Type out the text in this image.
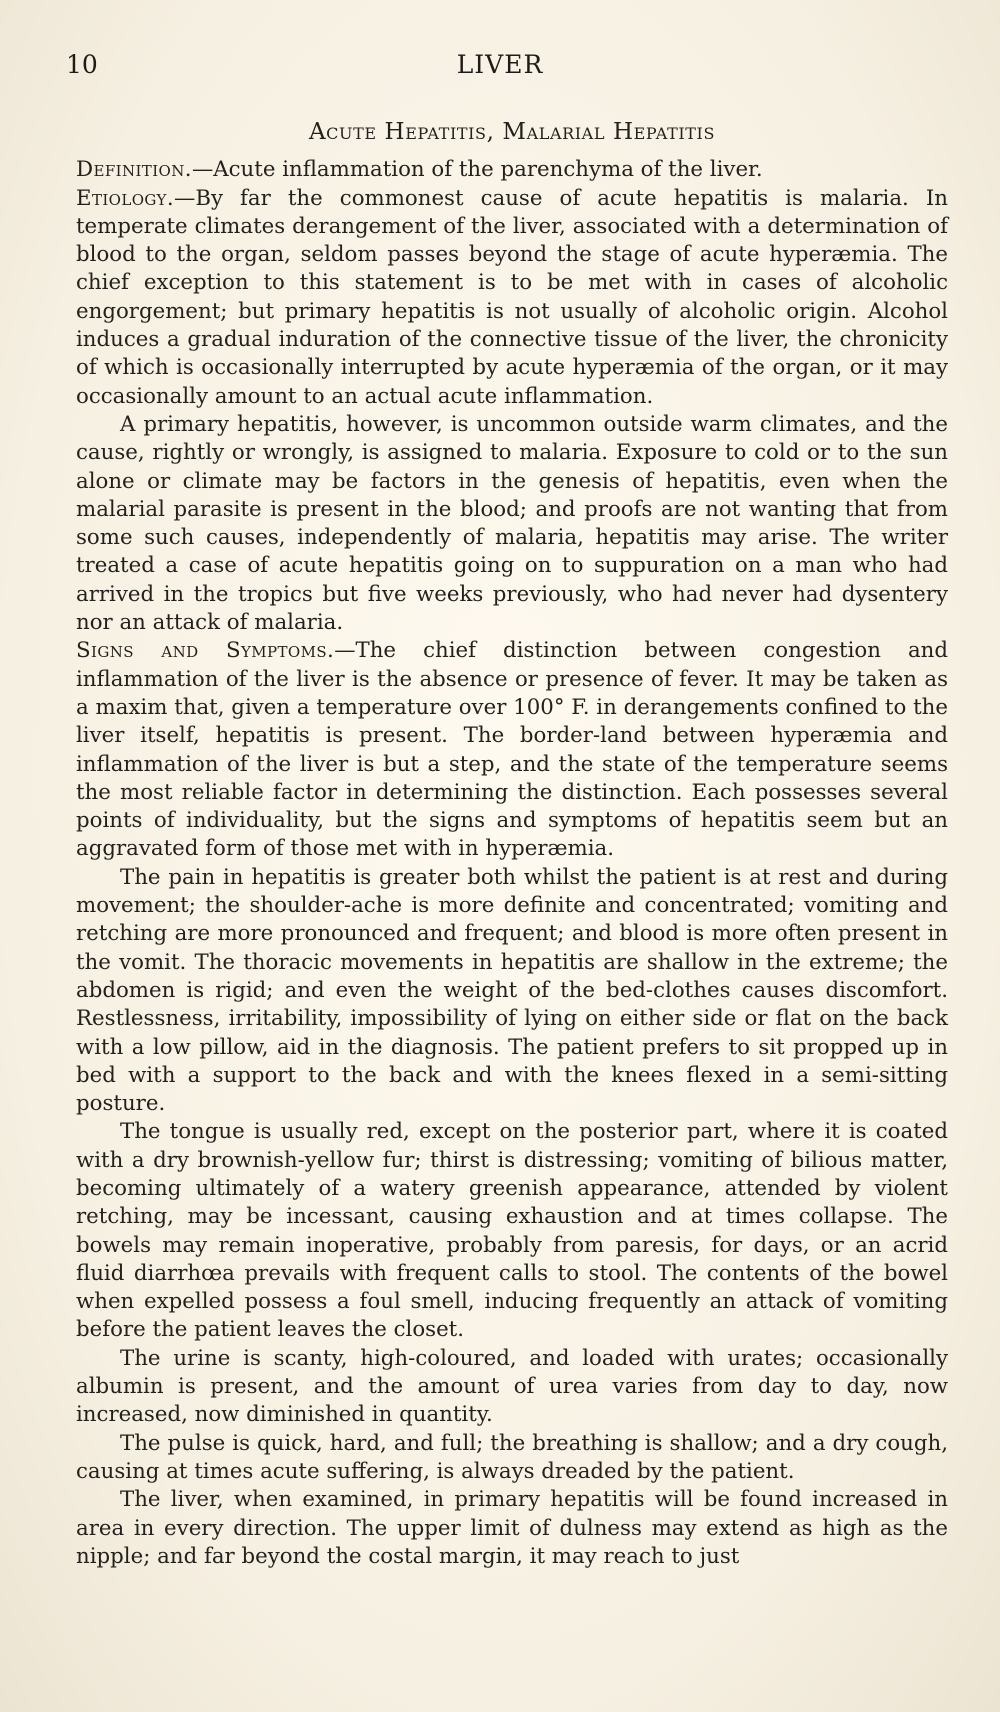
10	LIVER
Acute Hepatitis, Malarial Hepatitis

Definition.—Acute inflammation of the parenchyma of the liver.

Etiology.—By far the commonest cause of acute hepatitis is malaria. In temperate climates derangement of the liver, associated with a determination of blood to the organ, seldom passes beyond the stage of acute hyperæmia. The chief exception to this statement is to be met with in cases of alcoholic engorgement; but primary hepatitis is not usually of alcoholic origin. Alcohol induces a gradual induration of the connective tissue of the liver, the chronicity of which is occasionally interrupted by acute hyperæmia of the organ, or it may occasionally amount to an actual acute inflammation.

A primary hepatitis, however, is uncommon outside warm climates, and the cause, rightly or wrongly, is assigned to malaria. Exposure to cold or to the sun alone or climate may be factors in the genesis of hepatitis, even when the malarial parasite is present in the blood; and proofs are not wanting that from some such causes, independently of malaria, hepatitis may arise. The writer treated a case of acute hepatitis going on to suppuration on a man who had arrived in the tropics but five weeks previously, who had never had dysentery nor an attack of malaria.

Signs and Symptoms.—The chief distinction between congestion and inflammation of the liver is the absence or presence of fever. It may be taken as a maxim that, given a temperature over 100° F. in derangements confined to the liver itself, hepatitis is present. The border-land between hyperæmia and inflammation of the liver is but a step, and the state of the temperature seems the most reliable factor in determining the distinction. Each possesses several points of individuality, but the signs and symptoms of hepatitis seem but an aggravated form of those met with in hyperæmia.

The pain in hepatitis is greater both whilst the patient is at rest and during movement; the shoulder-ache is more definite and concentrated; vomiting and retching are more pronounced and frequent; and blood is more often present in the vomit. The thoracic movements in hepatitis are shallow in the extreme; the abdomen is rigid; and even the weight of the bed-clothes causes discomfort. Restlessness, irritability, impossibility of lying on either side or flat on the back with a low pillow, aid in the diagnosis. The patient prefers to sit propped up in bed with a support to the back and with the knees flexed in a semi-sitting posture.

The tongue is usually red, except on the posterior part, where it is coated with a dry brownish-yellow fur; thirst is distressing; vomiting of bilious matter, becoming ultimately of a watery greenish appearance, attended by violent retching, may be incessant, causing exhaustion and at times collapse. The bowels may remain inoperative, probably from paresis, for days, or an acrid fluid diarrhœa prevails with frequent calls to stool. The contents of the bowel when expelled possess a foul smell, inducing frequently an attack of vomiting before the patient leaves the closet.

The urine is scanty, high-coloured, and loaded with urates; occasionally albumin is present, and the amount of urea varies from day to day, now increased, now diminished in quantity.

The pulse is quick, hard, and full; the breathing is shallow; and a dry cough, causing at times acute suffering, is always dreaded by the patient.

The liver, when examined, in primary hepatitis will be found increased in area in every direction. The upper limit of dulness may extend as high as the nipple; and far beyond the costal margin, it may reach to just
